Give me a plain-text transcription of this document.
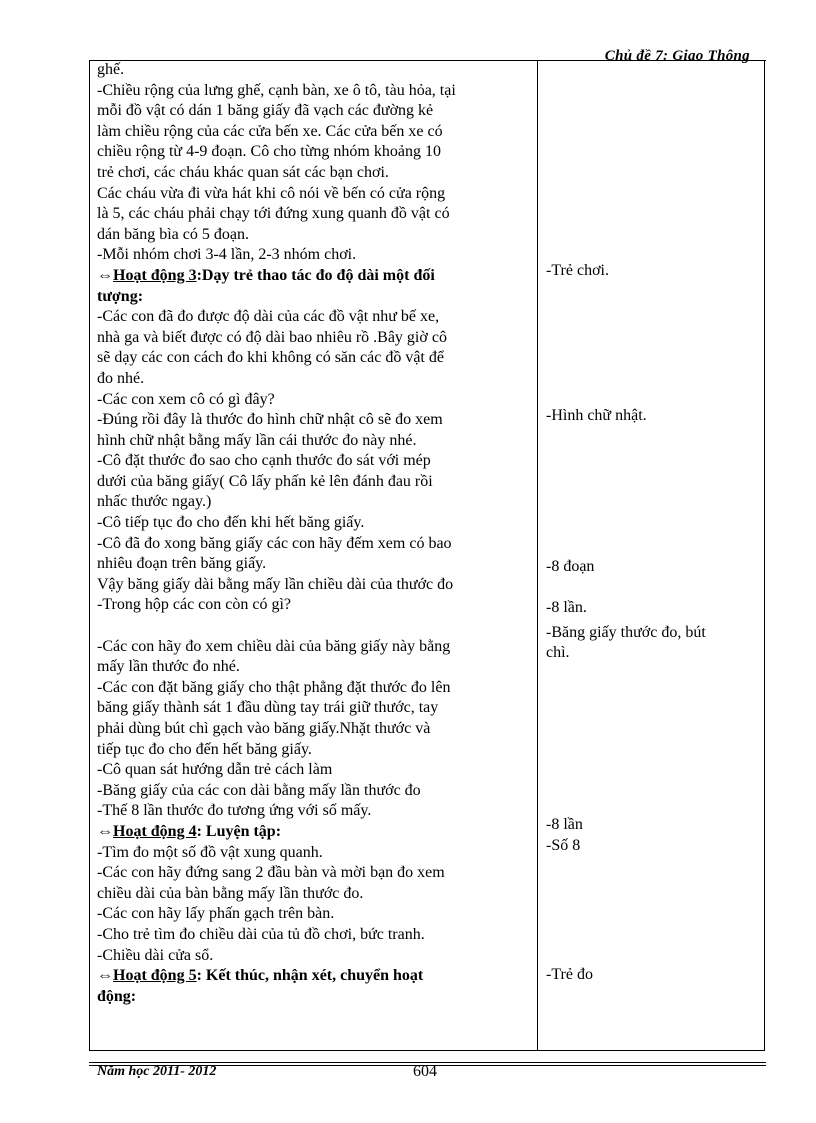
Chủ đề 7: Giao Thông
ghế.
-Chiều rộng của lưng ghế, cạnh bàn, xe ô tô, tàu hỏa, tại
mỗi đồ vật có dán 1 băng giấy đã vạch các đường kẻ
làm chiều rộng của các cửa bến xe. Các cửa bến xe có
chiều rộng từ 4-9 đoạn. Cô cho từng nhóm khoảng 10
trẻ chơi, các cháu khác quan sát các bạn chơi.
Các cháu vừa đi vừa hát khi cô nói về bến có cửa rộng
là 5, các cháu phải chạy tới đứng xung quanh đồ vật có
dán băng bìa có 5 đoạn.
-Mỗi nhóm chơi 3-4 lần, 2-3 nhóm chơi.
⇔Hoạt động 3:Dạy trẻ thao tác đo độ dài một đối
tượng:
-Các con đã đo được độ dài của các đồ vật như bế xe,
nhà ga và biết được có độ dài bao nhiêu rồ .Bây giờ cô
sẽ dạy các con cách đo khi không có săn các đồ vật để
đo nhé.
-Các con xem cô có gì đây?
-Đúng rồi đây là thước đo hình chữ nhật cô sẽ đo xem
hình chữ nhật bằng mấy lần cái thước đo này nhé.
-Cô đặt thước đo sao cho cạnh thước đo sát với mép
dưới của băng giấy( Cô lấy phấn kẻ lên đánh đau rồi
nhấc thước ngay.)
-Cô tiếp tục đo cho đến khi hết băng giấy.
-Cô đã đo xong băng giấy các con hãy đếm xem có bao
nhiêu đoạn trên băng giấy.
Vậy băng giấy dài bằng mấy lần chiều dài của thước đo
-Trong hộp các con còn có gì?
-Các con hãy đo xem chiều dài của băng giấy này bằng
mấy lần thước đo nhé.
-Các con đặt băng giấy cho thật phẳng đặt thước đo lên
băng giấy thành sát 1 đầu dùng tay trái giữ thước, tay
phải dùng bút chì gạch vào băng giấy.Nhặt thước và
tiếp tục đo cho đến hết băng giấy.
-Cô quan sát hướng dẫn trẻ cách làm
-Băng giấy của các con dài bằng mấy lần thước đo
-Thế 8 lần thước đo tương ứng với số mấy.
⇔Hoạt động 4: Luyện tập:
-Tìm đo một số đồ vật xung quanh.
-Các con hãy đứng sang 2 đầu bàn và mời bạn đo xem
chiều dài của bàn bằng mấy lần thước đo.
-Các con hãy lấy phấn gạch trên bàn.
-Cho trẻ tìm đo chiều dài của tủ đồ chơi, bức tranh.
-Chiều dài cửa sổ.
⇔Hoạt động 5: Kết thúc, nhận xét, chuyển hoạt
động:
-Trẻ chơi.
-Hình chữ nhật.
-8 đoạn
-8 lần.
-Băng giấy thước đo, bút
chì.
-8 lần
-Số 8
-Trẻ đo
Năm học 2011- 2012	604
